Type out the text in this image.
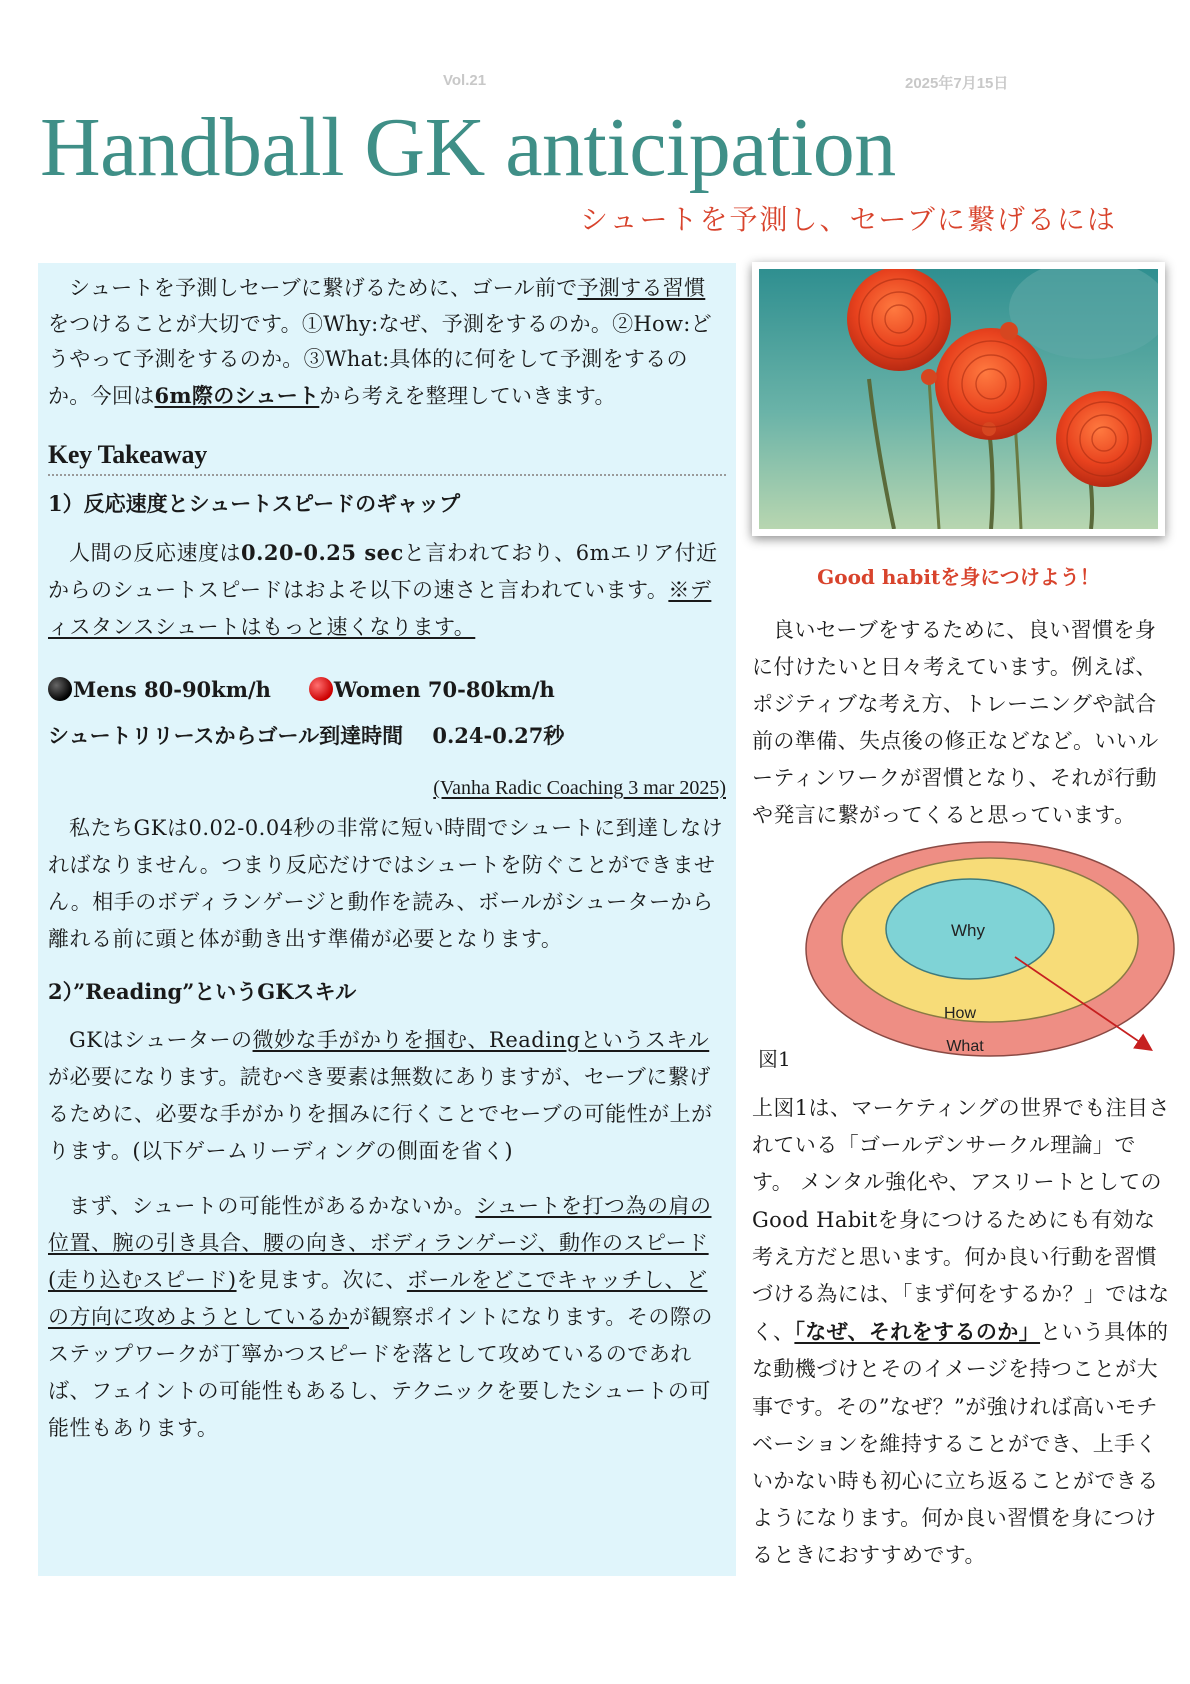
Vol.21	2025年7月15日
Handball GK anticipation
シュートを予測し、セーブに繋げるには

シュートを予測しセーブに繋げるために、ゴール前で予測する習慣をつけることが大切です。①Why:なぜ、予測をするのか。②How:どうやって予測をするのか。③What:具体的に何をして予測をするのか。今回は6m際のシュートから考えを整理していきます。

Key Takeaway

1）反応速度とシュートスピードのギャップ

人間の反応速度は0.20-0.25 secと言われており、6mエリア付近からのシュートスピードはおよそ以下の速さと言われています。※ディスタンスシュートはもっと速くなります。

Mens 80-90km/h	Women 70-80km/h

シュートリリースからゴール到達時間 0.24-0.27秒

(Vanha Radic Coaching 3 mar 2025)

私たちGKは0.02-0.04秒の非常に短い時間でシュートに到達しなければなりません。つまり反応だけではシュートを防ぐことができません。相手のボディランゲージと動作を読み、ボールがシューターから離れる前に頭と体が動き出す準備が必要となります。

2）”Reading”というGKスキル

GKはシューターの微妙な手がかりを掴む、Readingというスキルが必要になります。読むべき要素は無数にありますが、セーブに繋げるために、必要な手がかりを掴みに行くことでセーブの可能性が上がります。(以下ゲームリーディングの側面を省く)

まず、シュートの可能性があるかないか。シュートを打つ為の肩の位置、腕の引き具合、腰の向き、ボディランゲージ、動作のスピード(走り込むスピード)を見ます。次に、ボールをどこでキャッチし、どの方向に攻めようとしているかが観察ポイントになります。その際のステップワークが丁寧かつスピードを落として攻めているのであれば、フェイントの可能性もあるし、テクニックを要したシュートの可能性もあります。

Good habitを身につけよう！

良いセーブをするために、良い習慣を身に付けたいと日々考えています。例えば、ポジティブな考え方、トレーニングや試合前の準備、失点後の修正などなど。いいルーティンワークが習慣となり、それが行動や発言に繋がってくると思っています。

Why
How
What
図1

上図1は、マーケティングの世界でも注目されている「ゴールデンサークル理論」です。 メンタル強化や、アスリートとしてのGood Habitを身につけるためにも有効な考え方だと思います。何か良い行動を習慣づける為には、「まず何をするか？」ではなく、「なぜ、それをするのか」という具体的な動機づけとそのイメージを持つことが大事です。その”なぜ？”が強ければ高いモチベーションを維持することができ、上手くいかない時も初心に立ち返ることができるようになります。何か良い習慣を身につけるときにおすすめです。
